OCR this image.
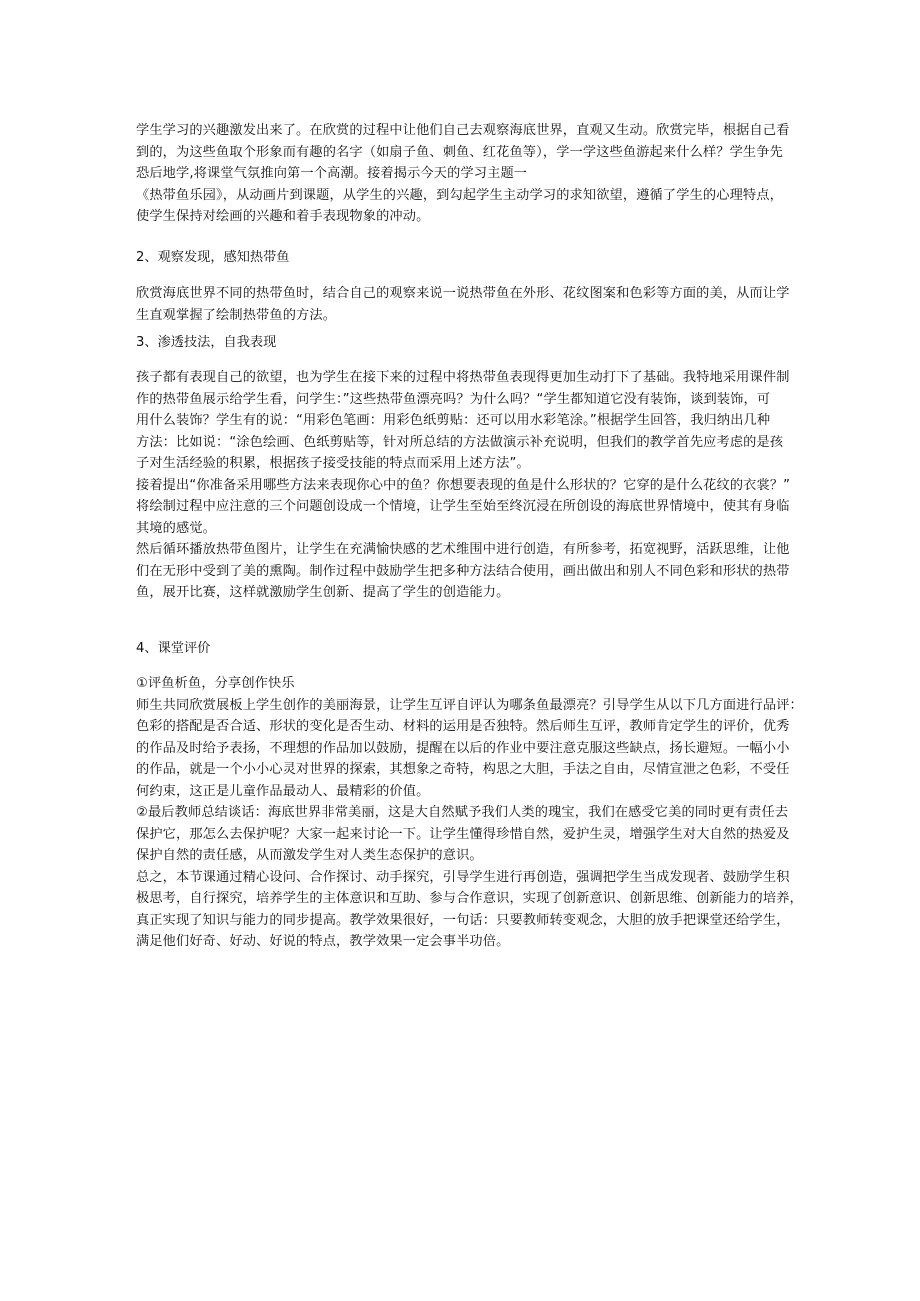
学生学习的兴趣激发出来了。在欣赏的过程中让他们自己去观察海底世界，直观又生动。欣赏完毕，根据自己看
到的，为这些鱼取个形象而有趣的名字（如扇子鱼、刺鱼、红花鱼等），学一学这些鱼游起来什么样？学生争先
恐后地学,将课堂气氛推向第一个高潮。接着揭示今天的学习主题一
《热带鱼乐园》，从动画片到课题，从学生的兴趣，到勾起学生主动学习的求知欲望，遵循了学生的心理特点，
使学生保持对绘画的兴趣和着手表现物象的冲动。
2、观察发现，感知热带鱼
欣赏海底世界不同的热带鱼时，结合自己的观察来说一说热带鱼在外形、花纹图案和色彩等方面的美，从而让学
生直观掌握了绘制热带鱼的方法。
3、渗透技法，自我表现
孩子都有表现自己的欲望，也为学生在接下来的过程中将热带鱼表现得更加生动打下了基础。我特地采用课件制
作的热带鱼展示给学生看，问学生：”这些热带鱼漂亮吗？为什么吗？“学生都知道它没有装饰，谈到装饰，可
用什么装饰？学生有的说：“用彩色笔画：用彩色纸剪贴：还可以用水彩笔涂。”根据学生回答，我归纳出几种
方法：比如说：“涂色绘画、色纸剪贴等，针对所总结的方法做演示补充说明，但我们的教学首先应考虑的是孩
子对生活经验的积累，根据孩子接受技能的特点而采用上述方法”。
接着提出“你准备采用哪些方法来表现你心中的鱼？你想要表现的鱼是什么形状的？它穿的是什么花纹的衣裳？”
将绘制过程中应注意的三个问题创设成一个情境，让学生至始至终沉浸在所创设的海底世界情境中，使其有身临
其境的感觉。
然后循环播放热带鱼图片，让学生在充满愉快感的艺术维围中进行创造，有所参考，拓宽视野，活跃思维，让他
们在无形中受到了美的熏陶。制作过程中鼓励学生把多种方法结合使用，画出做出和别人不同色彩和形状的热带
鱼，展开比赛，这样就激励学生创新、提高了学生的创造能力。
4、课堂评价
①评鱼析鱼，分享创作快乐
师生共同欣赏展板上学生创作的美丽海景，让学生互评自评认为哪条鱼最漂亮？引导学生从以下几方面进行品评：
色彩的搭配是否合适、形状的变化是否生动、材料的运用是否独特。然后师生互评，教师肯定学生的评价，优秀
的作品及时给予表扬，不理想的作品加以鼓励，提醒在以后的作业中要注意克服这些缺点，扬长避短。一幅小小
的作品，就是一个小小心灵对世界的探索，其想象之奇特，构思之大胆，手法之自由，尽情宣泄之色彩，不受任
何约束，这正是儿童作品最动人、最精彩的价值。
②最后教师总结谈话：海底世界非常美丽，这是大自然赋予我们人类的瑰宝，我们在感受它美的同时更有责任去
保护它，那怎么去保护呢？大家一起来讨论一下。让学生懂得珍惜自然，爱护生灵，增强学生对大自然的热爱及
保护自然的责任感，从而激发学生对人类生态保护的意识。
总之，本节课通过精心设问、合作探讨、动手探究，引导学生进行再创造，强调把学生当成发现者、鼓励学生积
极思考，自行探究，培养学生的主体意识和互助、参与合作意识，实现了创新意识、创新思维、创新能力的培养，
真正实现了知识与能力的同步提高。教学效果很好，一句话：只要教师转变观念，大胆的放手把课堂还给学生，
满足他们好奇、好动、好说的特点，教学效果一定会事半功倍。
